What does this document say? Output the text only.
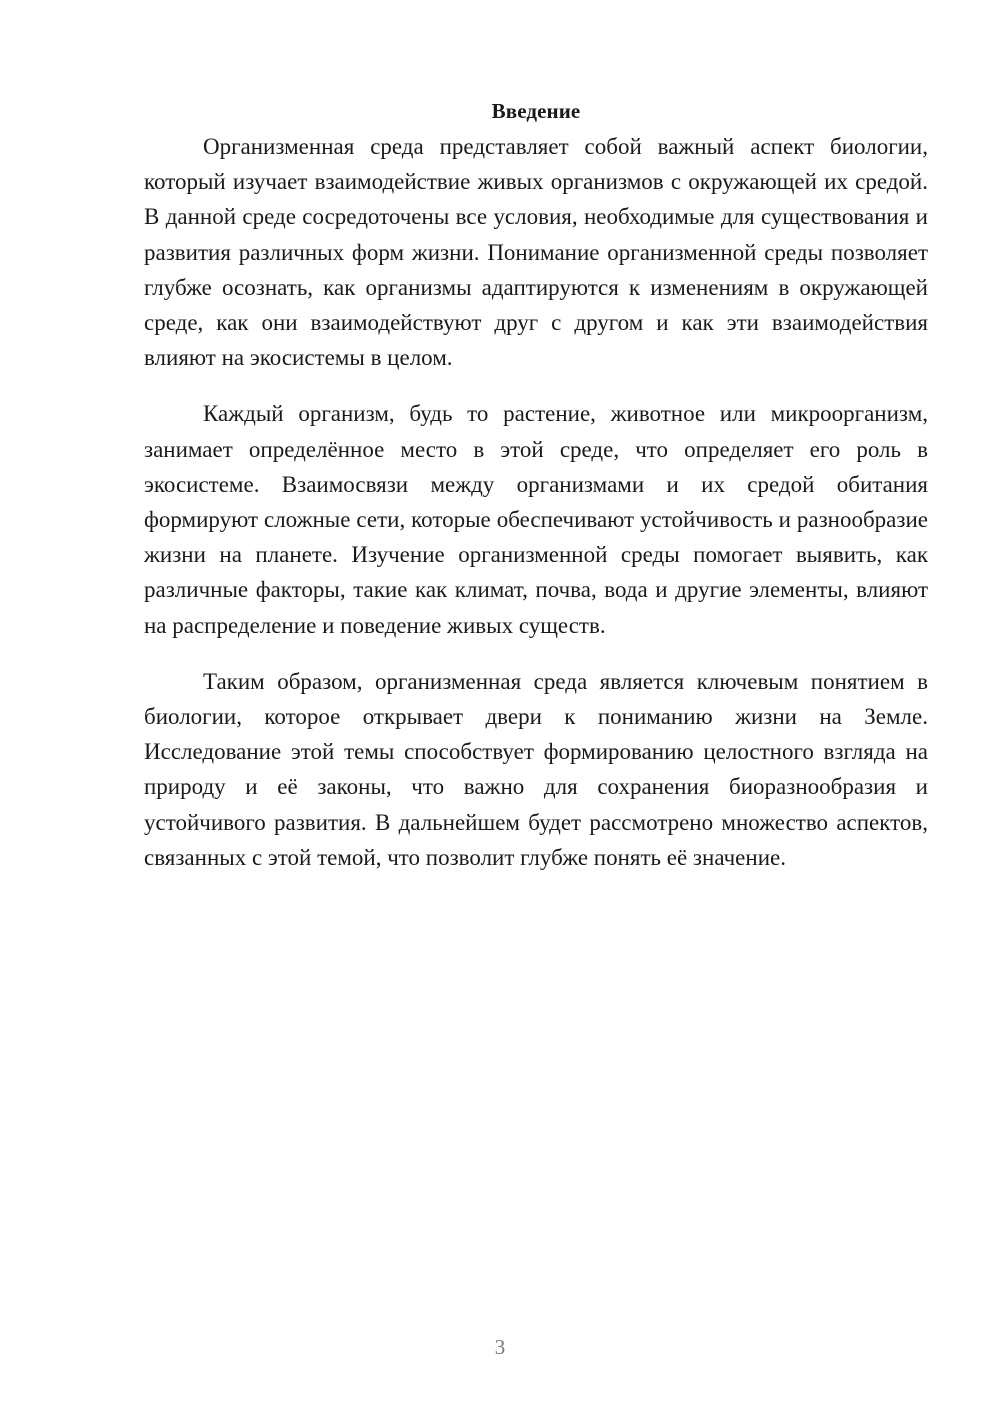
Введение

Организменная среда представляет собой важный аспект биологии, который изучает взаимодействие живых организмов с окружающей их средой. В данной среде сосредоточены все условия, необходимые для существования и развития различных форм жизни. Понимание организменной среды позволяет глубже осознать, как организмы адаптируются к изменениям в окружающей среде, как они взаимодействуют друг с другом и как эти взаимодействия влияют на экосистемы в целом.

Каждый организм, будь то растение, животное или микроорганизм, занимает определённое место в этой среде, что определяет его роль в экосистеме. Взаимосвязи между организмами и их средой обитания формируют сложные сети, которые обеспечивают устойчивость и разнообразие жизни на планете. Изучение организменной среды помогает выявить, как различные факторы, такие как климат, почва, вода и другие элементы, влияют на распределение и поведение живых существ.

Таким образом, организменная среда является ключевым понятием в биологии, которое открывает двери к пониманию жизни на Земле. Исследование этой темы способствует формированию целостного взгляда на природу и её законы, что важно для сохранения биоразнообразия и устойчивого развития. В дальнейшем будет рассмотрено множество аспектов, связанных с этой темой, что позволит глубже понять её значение.

3
